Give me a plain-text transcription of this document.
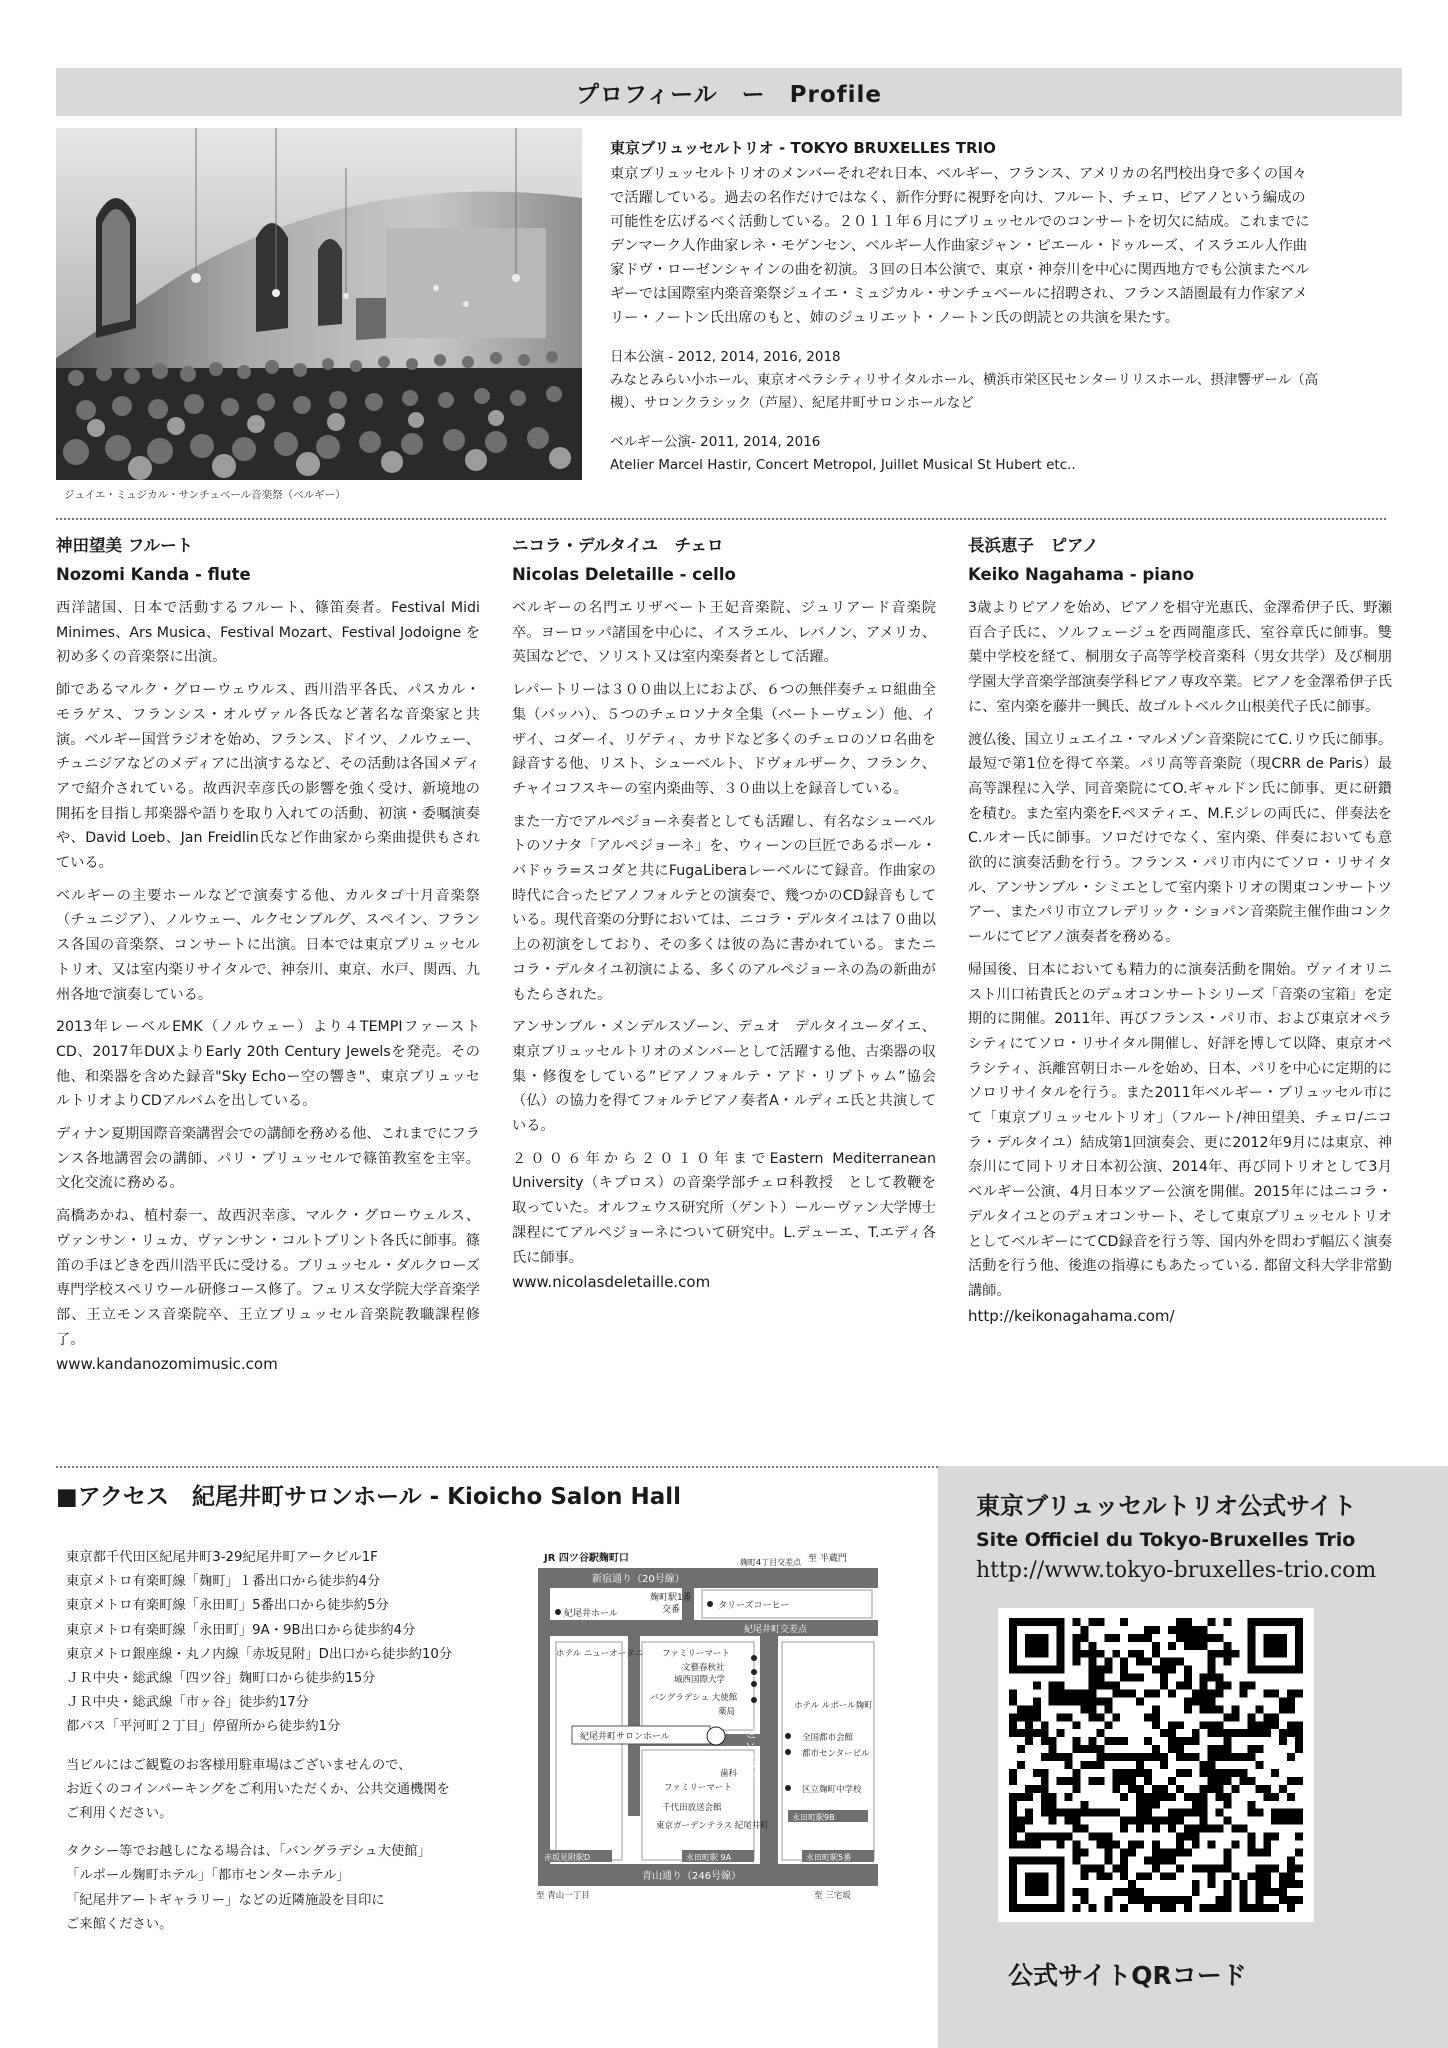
プロフィール　ー　Profile
ジュイエ・ミュジカル・サンチュベール音楽祭（ベルギー）
東京ブリュッセルトリオ - TOKYO BRUXELLES TRIO

東京ブリュッセルトリオのメンバーそれぞれ日本、ベルギー、フランス、アメリカの名門校出身で多くの国々

で活躍している。過去の名作だけではなく、新作分野に視野を向け、フルート、チェロ、ピアノという編成の

可能性を広げるべく活動している。２０１１年６月にブリュッセルでのコンサートを切欠に結成。これまでに

デンマーク人作曲家レネ・モゲンセン、ベルギー人作曲家ジャン・ピエール・ドゥルーズ、イスラエル人作曲

家ドヴ・ローゼンシャインの曲を初演。３回の日本公演で、東京・神奈川を中心に関西地方でも公演またベル

ギーでは国際室内楽音楽祭ジュイエ・ミュジカル・サンチュベールに招聘され、フランス語圏最有力作家アメ

リー・ノートン氏出席のもと、姉のジュリエット・ノートン氏の朗読との共演を果たす。

日本公演 - 2012, 2014, 2016, 2018
みなとみらい小ホール、東京オペラシティリサイタルホール、横浜市栄区民センターリリスホール、摂津響ザール（高
槻）、サロンクラシック（芦屋）、紀尾井町サロンホールなど
ベルギー公演- 2011, 2014, 2016
Atelier Marcel Hastir, Concert Metropol, Juillet Musical St Hubert etc..
神田望美 フルート
Nozomi Kanda - flute

西洋諸国、日本で活動するフルート、篠笛奏者。Festival Midi Minimes、Ars Musica、Festival Mozart、Festival Jodoigne を初め多くの音楽祭に出演。

師であるマルク・グローウェウルス、西川浩平各氏、パスカル・モラゲス、フランシス・オルヴァル各氏など著名な音楽家と共演。ベルギー国営ラジオを始め、フランス、ドイツ、ノルウェー、チュニジアなどのメディアに出演するなど、その活動は各国メディアで紹介されている。故西沢幸彦氏の影響を強く受け、新境地の開拓を目指し邦楽器や語りを取り入れての活動、初演・委嘱演奏や、David Loeb、Jan Freidlin氏など作曲家から楽曲提供もされている。

ベルギーの主要ホールなどで演奏する他、カルタゴ十月音楽祭（チュニジア）、ノルウェー、ルクセンブルグ、スペイン、フランス各国の音楽祭、コンサートに出演。日本では東京ブリュッセルトリオ、又は室内楽リサイタルで、神奈川、東京、水戸、関西、九州各地で演奏している。

2013年レーベルEMK（ノルウェー）より４TEMPIファーストCD、2017年DUXよりEarly 20th Century Jewelsを発売。その他、和楽器を含めた録音"Sky Echoー空の響き"、東京ブリュッセルトリオよりCDアルバムを出している。

ディナン夏期国際音楽講習会での講師を務める他、これまでにフランス各地講習会の講師、パリ・ブリュッセルで篠笛教室を主宰。文化交流に務める。

高橋あかね、植村泰一、故西沢幸彦、マルク・グローウェルス、ヴァンサン・リュカ、ヴァンサン・コルトブリント各氏に師事。篠笛の手ほどきを西川浩平氏に受ける。ブリュッセル・ダルクローズ専門学校スペリウール研修コース修了。フェリス女学院大学音楽学部、王立モンス音楽院卒、王立ブリュッセル音楽院教職課程修了。

www.kandanozomimusic.com
ニコラ・デルタイユ　チェロ
Nicolas Deletaille - cello

ベルギーの名門エリザベート王妃音楽院、ジュリアード音楽院卒。ヨーロッパ諸国を中心に、イスラエル、レバノン、アメリカ、英国などで、ソリスト又は室内楽奏者として活躍。

レパートリーは３００曲以上におよび、６つの無伴奏チェロ組曲全集（バッハ）、５つのチェロソナタ全集（ベートーヴェン）他、イザイ、コダーイ、リゲティ、カサドなど多くのチェロのソロ名曲を録音する他、リスト、シューベルト、ドヴォルザーク、フランク、チャイコフスキーの室内楽曲等、３０曲以上を録音している。

また一方でアルペジョーネ奏者としても活躍し、有名なシューベルトのソナタ「アルペジョーネ」を、ウィーンの巨匠であるポール・バドゥラ=スコダと共にFugaLiberaレーベルにて録音。作曲家の時代に合ったピアノフォルテとの演奏で、幾つかのCD録音もしている。現代音楽の分野においては、ニコラ・デルタイユは７０曲以上の初演をしており、その多くは彼の為に書かれている。またニコラ・デルタイユ初演による、多くのアルペジョーネの為の新曲がもたらされた。

アンサンブル・メンデルスゾーン、デュオ　デルタイユーダイエ、東京ブリュッセルトリオのメンバーとして活躍する他、古楽器の収集・修復をしている”ピアノフォルテ・アド・リブトゥム”協会（仏）の協力を得てフォルテピアノ奏者A・ルディエ氏と共演している。

２００６年から２０１０年までEastern Mediterranean University（キプロス）の音楽学部チェロ科教授　として教鞭を取っていた。オルフェウス研究所（ゲント）ールーヴァン大学博士課程にてアルペジョーネについて研究中。L.デューエ、T.エディ各氏に師事。

www.nicolasdeletaille.com
長浜恵子　ピアノ
Keiko Nagahama - piano

3歳よりピアノを始め、ピアノを椙守光惠氏、金澤希伊子氏、野瀬百合子氏に、ソルフェージュを西岡龍彦氏、室谷章氏に師事。雙葉中学校を経て、桐朋女子高等学校音楽科（男女共学）及び桐朋学園大学音楽学部演奏学科ピアノ専攻卒業。ピアノを金澤希伊子氏に、室内楽を藤井一興氏、故ゴルトベルク山根美代子氏に師事。

渡仏後、国立リュエイユ・マルメゾン音楽院にてC.リウ氏に師事。最短で第1位を得て卒業。パリ高等音楽院（現CRR de Paris）最高等課程に入学、同音楽院にてO.ギャルドン氏に師事、更に研鑽を積む。また室内楽をF.ペヌティエ、M.F.ジレの両氏に、伴奏法をC.ルオー氏に師事。ソロだけでなく、室内楽、伴奏においても意欲的に演奏活動を行う。フランス・パリ市内にてソロ・リサイタル、アンサンブル・シミエとして室内楽トリオの関東コンサートツアー、またパリ市立フレデリック・ショパン音楽院主催作曲コンクールにてピアノ演奏者を務める。

帰国後、日本においても精力的に演奏活動を開始。ヴァイオリニスト川口祐貴氏とのデュオコンサートシリーズ「音楽の宝箱」を定期的に開催。2011年、再びフランス・パリ市、および東京オペラシティにてソロ・リサイタル開催し、好評を博して以降、東京オペラシティ、浜離宮朝日ホールを始め、日本、パリを中心に定期的にソロリサイタルを行う。また2011年ベルギー・ブリュッセル市にて「東京ブリュッセルトリオ」（フルート/神田望美、チェロ/ニコラ・デルタイユ）結成第1回演奏会、更に2012年9月には東京、神奈川にて同トリオ日本初公演、2014年、再び同トリオとして3月ベルギー公演、4月日本ツアー公演を開催。2015年にはニコラ・デルタイユとのデュオコンサート、そして東京ブリュッセルトリオとしてベルギーにてCD録音を行う等、国内外を問わず幅広く演奏活動を行う他、後進の指導にもあたっている. 都留文科大学非常勤講師。

http://keikonagahama.com/
■アクセス　紀尾井町サロンホール - Kioicho Salon Hall
東京都千代田区紀尾井町3-29紀尾井町アークビル1F
東京メトロ有楽町線「麹町」１番出口から徒歩約4分
東京メトロ有楽町線「永田町」5番出口から徒歩約5分
東京メトロ有楽町線「永田町」9A・9B出口から徒歩約4分
東京メトロ銀座線・丸ノ内線「赤坂見附」D出口から徒歩約10分
ＪＲ中央・総武線「四ツ谷」麹町口から徒歩約15分
ＪＲ中央・総武線「市ヶ谷」徒歩約17分
都バス「平河町２丁目」停留所から徒歩約1分
当ビルにはご観覧のお客様用駐車場はございませんので、
お近くのコインパーキングをご利用いただくか、公共交通機関を
ご利用ください。
タクシー等でお越しになる場合は、「バングラデシュ大使館」
「ルポール麹町ホテル」「都市センターホテル」
「紀尾井アートギャラリー」などの近隣施設を目印に
ご来館ください。
JR 四ツ谷駅麹町口	至 半蔵門
新宿通り（20号線）
麹町4丁目交差点
麹町駅1番
交番	タリーズコーヒー
紀尾井ホール
紀尾井町交差点
ホテル ニューオータニ ファミリーマート
文藝春秋社
城西国際大学
バングラデシュ 大使館
薬局
紀尾井町サロンホール	プリンス通り
ホテル ルポール麹町
全国都市会館
都市センタービル
歯科
ファミリーマート	区立麹町中学校
千代田放送会館
東京ガーデンテラス 紀尾井町
永田町駅9B
赤坂見附駅D	永田町駅 9A	永田町駅5番
青山通り（246号線）
至 青山一丁目	至 三宅坂
東京ブリュッセルトリオ公式サイト
Site Officiel du Tokyo-Bruxelles Trio
http://www.tokyo-bruxelles-trio.com
公式サイトQRコード
